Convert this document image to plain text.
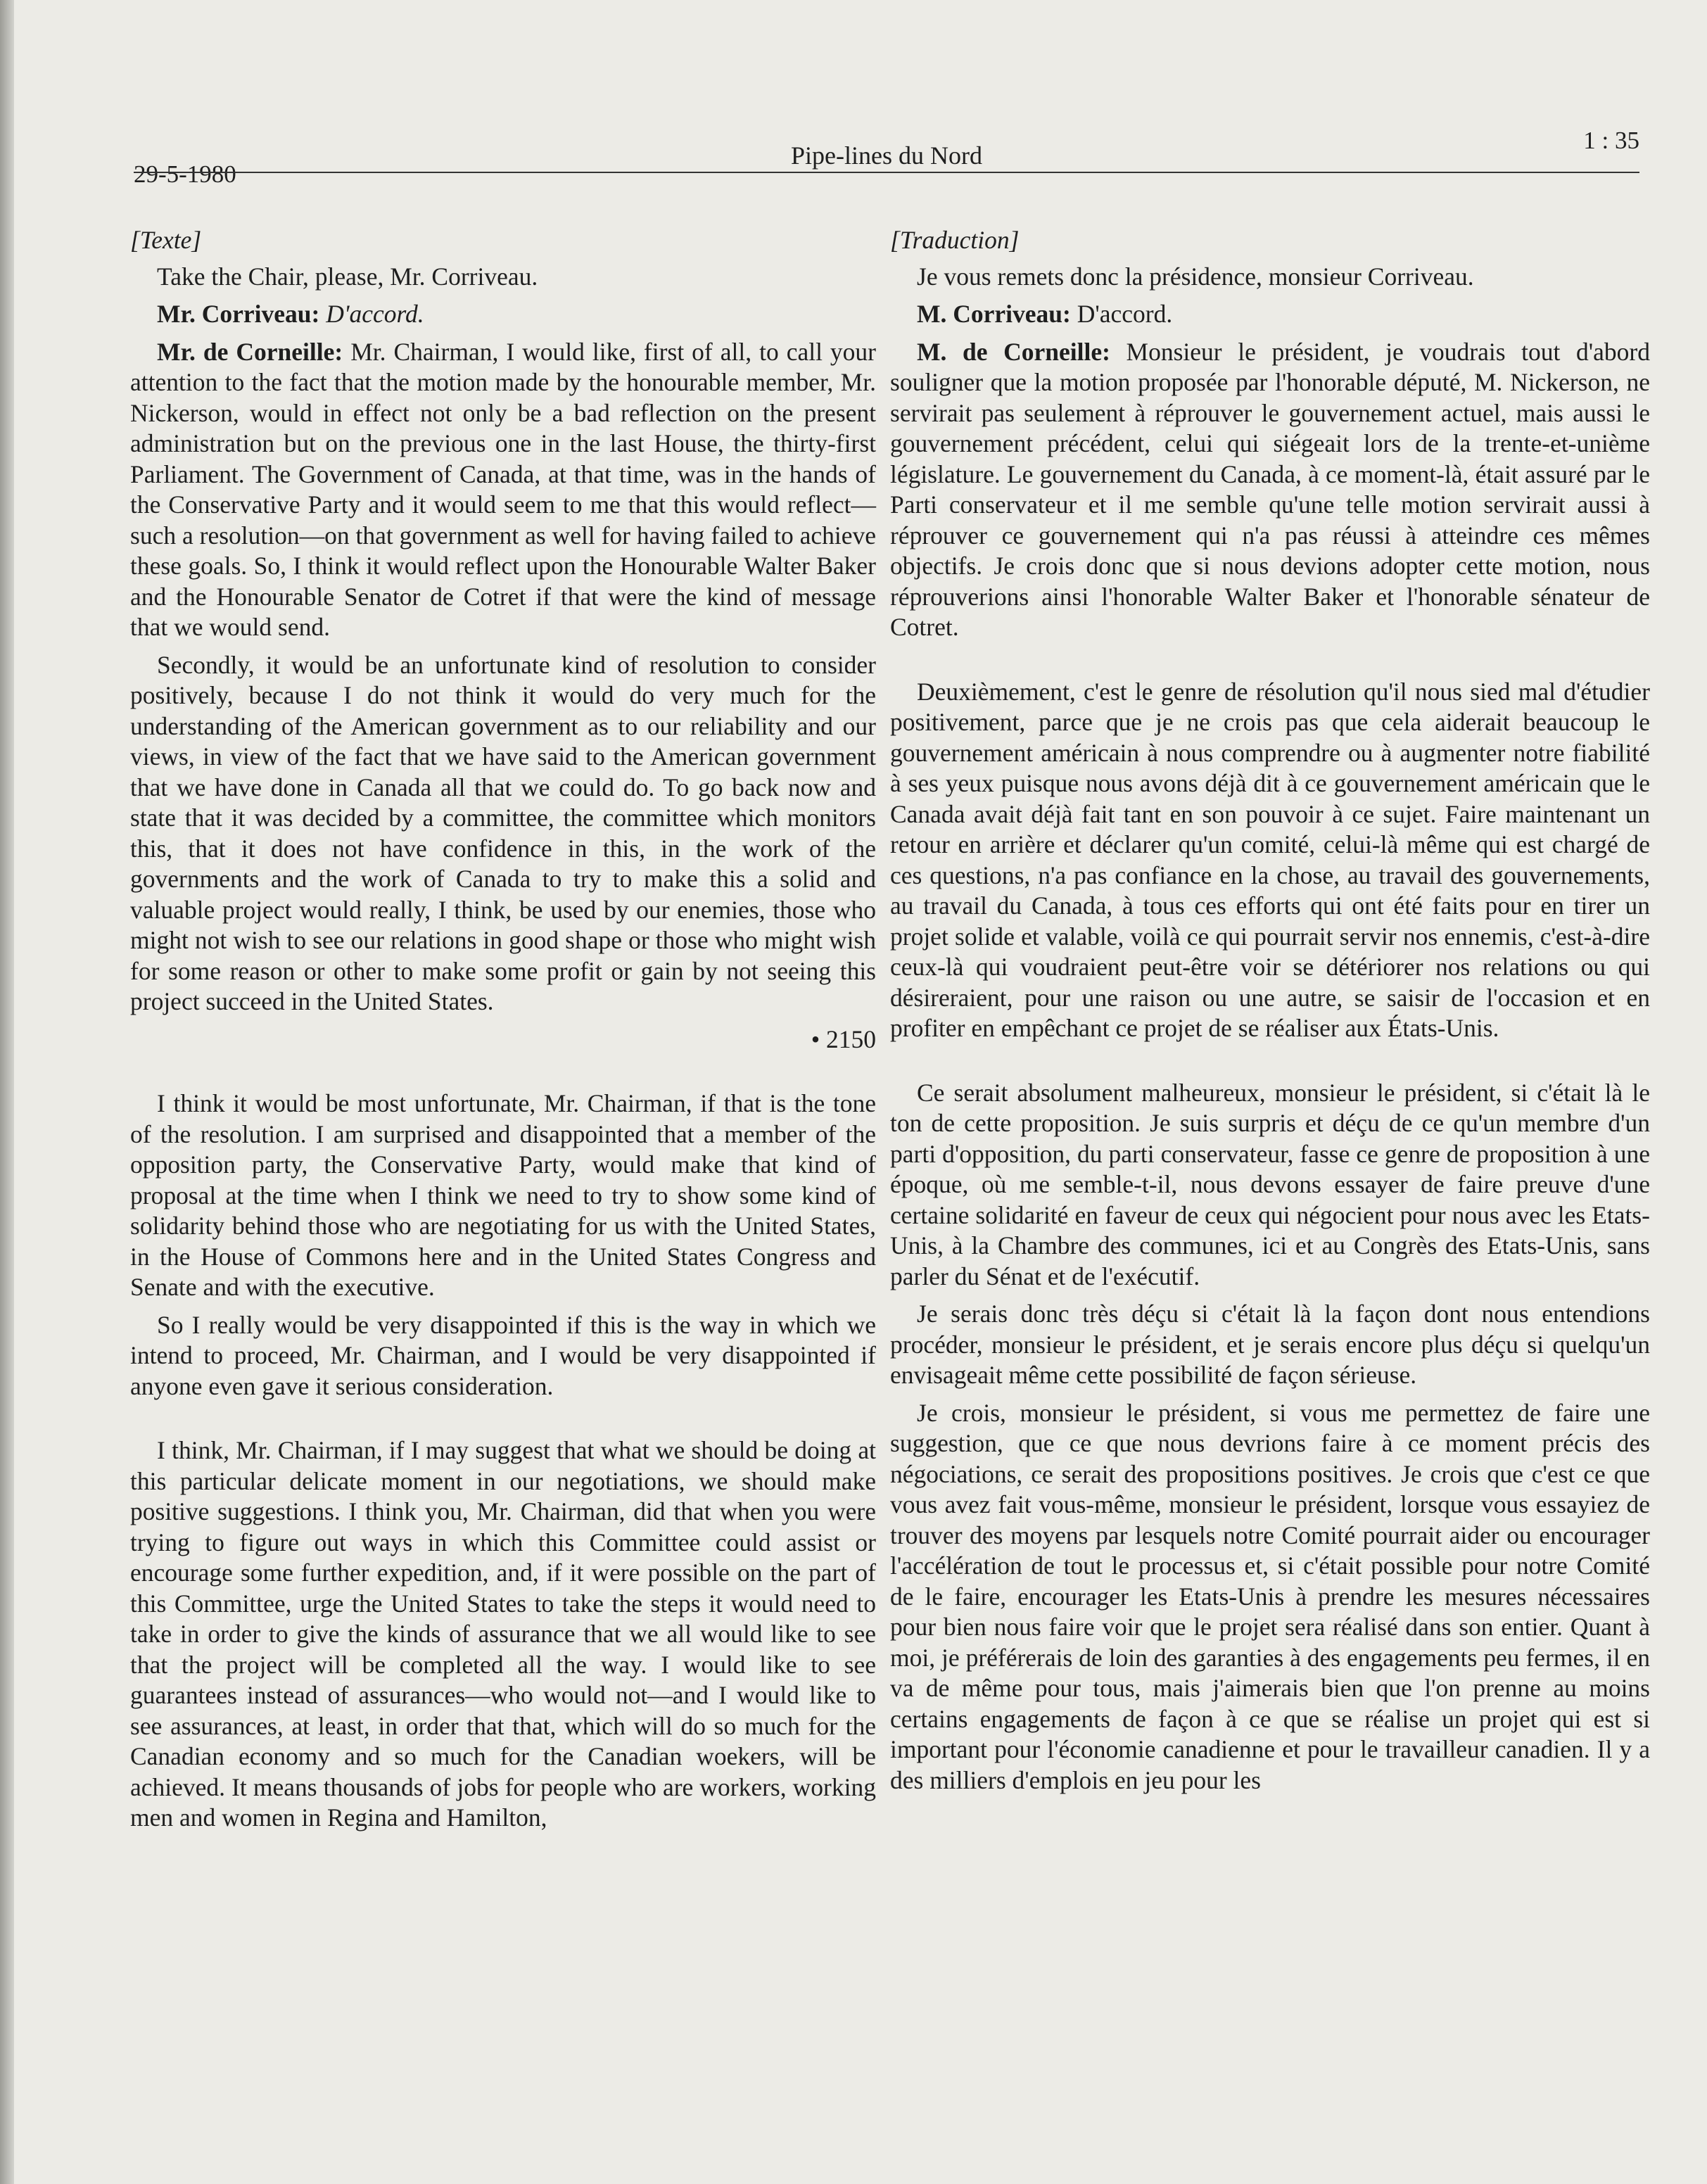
29-5-1980
Pipe-lines du Nord
1 : 35

[Texte]

Take the Chair, please, Mr. Corriveau.

Mr. Corriveau: D'accord.

Mr. de Corneille: Mr. Chairman, I would like, first of all, to call your attention to the fact that the motion made by the honourable member, Mr. Nickerson, would in effect not only be a bad reflection on the present administration but on the previous one in the last House, the thirty-first Parliament. The Government of Canada, at that time, was in the hands of the Conservative Party and it would seem to me that this would reflect—such a resolution—on that government as well for having failed to achieve these goals. So, I think it would reflect upon the Honourable Walter Baker and the Honourable Senator de Cotret if that were the kind of message that we would send.

Secondly, it would be an unfortunate kind of resolution to consider positively, because I do not think it would do very much for the understanding of the American government as to our reliability and our views, in view of the fact that we have said to the American government that we have done in Canada all that we could do. To go back now and state that it was decided by a committee, the committee which monitors this, that it does not have confidence in this, in the work of the governments and the work of Canada to try to make this a solid and valuable project would really, I think, be used by our enemies, those who might not wish to see our relations in good shape or those who might wish for some reason or other to make some profit or gain by not seeing this project succeed in the United States.

• 2150

I think it would be most unfortunate, Mr. Chairman, if that is the tone of the resolution. I am surprised and disappointed that a member of the opposition party, the Conservative Party, would make that kind of proposal at the time when I think we need to try to show some kind of solidarity behind those who are negotiating for us with the United States, in the House of Commons here and in the United States Congress and Senate and with the executive.

So I really would be very disappointed if this is the way in which we intend to proceed, Mr. Chairman, and I would be very disappointed if anyone even gave it serious consideration.

I think, Mr. Chairman, if I may suggest that what we should be doing at this particular delicate moment in our negotiations, we should make positive suggestions. I think you, Mr. Chairman, did that when you were trying to figure out ways in which this Committee could assist or encourage some further expedition, and, if it were possible on the part of this Committee, urge the United States to take the steps it would need to take in order to give the kinds of assurance that we all would like to see that the project will be completed all the way. I would like to see guarantees instead of assurances—who would not—and I would like to see assurances, at least, in order that that, which will do so much for the Canadian economy and so much for the Canadian woekers, will be achieved. It means thousands of jobs for people who are workers, working men and women in Regina and Hamilton,

[Traduction]

Je vous remets donc la présidence, monsieur Corriveau.

M. Corriveau: D'accord.

M. de Corneille: Monsieur le président, je voudrais tout d'abord souligner que la motion proposée par l'honorable député, M. Nickerson, ne servirait pas seulement à réprouver le gouvernement actuel, mais aussi le gouvernement précédent, celui qui siégeait lors de la trente-et-unième législature. Le gouvernement du Canada, à ce moment-là, était assuré par le Parti conservateur et il me semble qu'une telle motion servirait aussi à réprouver ce gouvernement qui n'a pas réussi à atteindre ces mêmes objectifs. Je crois donc que si nous devions adopter cette motion, nous réprouverions ainsi l'honorable Walter Baker et l'honorable sénateur de Cotret.

Deuxièmement, c'est le genre de résolution qu'il nous sied mal d'étudier positivement, parce que je ne crois pas que cela aiderait beaucoup le gouvernement américain à nous comprendre ou à augmenter notre fiabilité à ses yeux puisque nous avons déjà dit à ce gouvernement américain que le Canada avait déjà fait tant en son pouvoir à ce sujet. Faire maintenant un retour en arrière et déclarer qu'un comité, celui-là même qui est chargé de ces questions, n'a pas confiance en la chose, au travail des gouvernements, au travail du Canada, à tous ces efforts qui ont été faits pour en tirer un projet solide et valable, voilà ce qui pourrait servir nos ennemis, c'est-à-dire ceux-là qui voudraient peut-être voir se détériorer nos relations ou qui désireraient, pour une raison ou une autre, se saisir de l'occasion et en profiter en empêchant ce projet de se réaliser aux États-Unis.

Ce serait absolument malheureux, monsieur le président, si c'était là le ton de cette proposition. Je suis surpris et déçu de ce qu'un membre d'un parti d'opposition, du parti conservateur, fasse ce genre de proposition à une époque, où me semble-t-il, nous devons essayer de faire preuve d'une certaine solidarité en faveur de ceux qui négocient pour nous avec les Etats-Unis, à la Chambre des communes, ici et au Congrès des Etats-Unis, sans parler du Sénat et de l'exécutif.

Je serais donc très déçu si c'était là la façon dont nous entendions procéder, monsieur le président, et je serais encore plus déçu si quelqu'un envisageait même cette possibilité de façon sérieuse.

Je crois, monsieur le président, si vous me permettez de faire une suggestion, que ce que nous devrions faire à ce moment précis des négociations, ce serait des propositions positives. Je crois que c'est ce que vous avez fait vous-même, monsieur le président, lorsque vous essayiez de trouver des moyens par lesquels notre Comité pourrait aider ou encourager l'accélération de tout le processus et, si c'était possible pour notre Comité de le faire, encourager les Etats-Unis à prendre les mesures nécessaires pour bien nous faire voir que le projet sera réalisé dans son entier. Quant à moi, je préférerais de loin des garanties à des engagements peu fermes, il en va de même pour tous, mais j'aimerais bien que l'on prenne au moins certains engagements de façon à ce que se réalise un projet qui est si important pour l'économie canadienne et pour le travailleur canadien. Il y a des milliers d'emplois en jeu pour les
